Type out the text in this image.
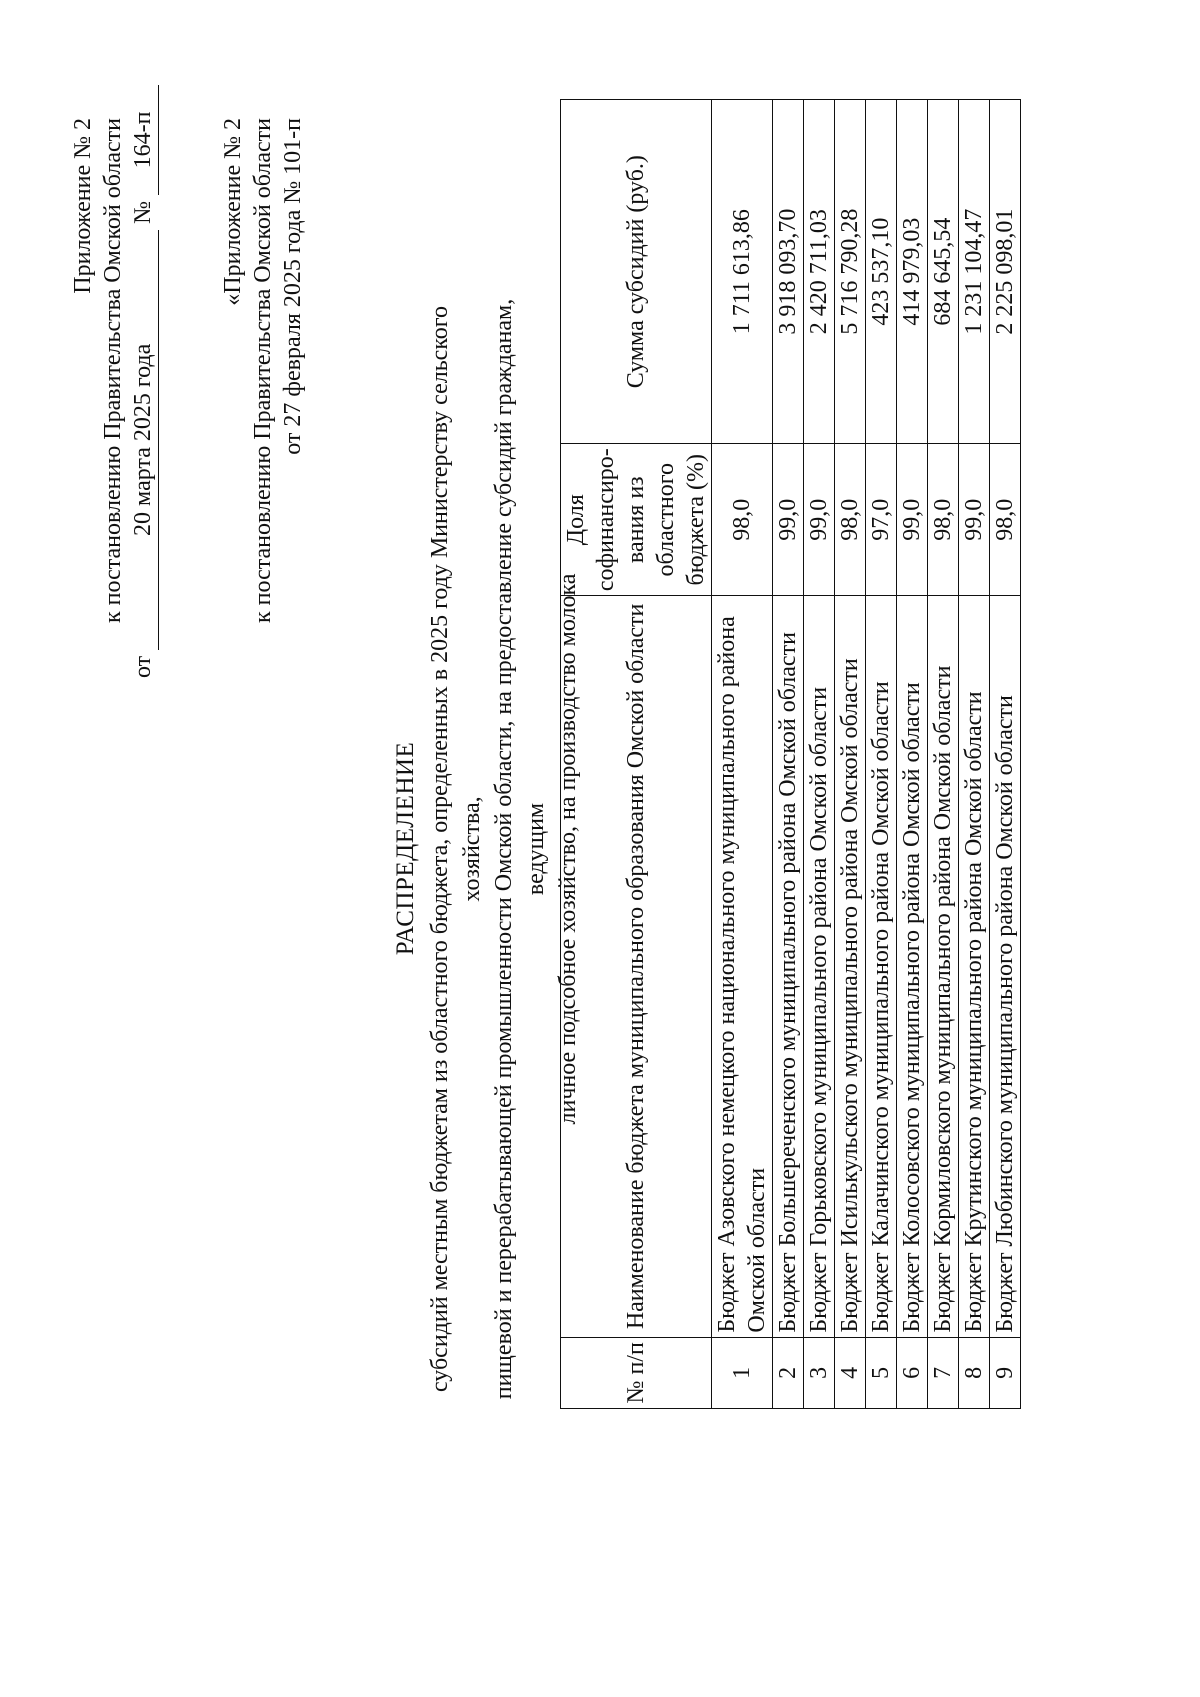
Приложение № 2 к постановлению Правительства Омской области
от 20 марта 2025 года № 164-п	«Приложение № 2 к постановлению Правительства Омской области от 27 февраля 2025 года № 101-п
РАСПРЕДЕЛЕНИЕ субсидий местным бюджетам из областного бюджета, определенных в 2025 году Министерству сельского хозяйства, пищевой и перерабатывающей промышленности Омской области, на предоставление субсидий гражданам, ведущим личное подсобное хозяйство, на производство молока
№ п/п	Наименование бюджета муниципального образования Омской области	Доля софинансиро-вания из областного бюджета (%)	Сумма субсидий (руб.)
1	Бюджет Азовского немецкого национального муниципального района Омской области	98,0	1 711 613,86
2	Бюджет Большереченского муниципального района Омской области	99,0	3 918 093,70
3	Бюджет Горьковского муниципального района Омской области	99,0	2 420 711,03
4	Бюджет Исилькульского муниципального района Омской области	98,0	5 716 790,28
5	Бюджет Калачинского муниципального района Омской области	97,0	423 537,10
6	Бюджет Колосовского муниципального района Омской области	99,0	414 979,03
7	Бюджет Кормиловского муниципального района Омской области	98,0	684 645,54
8	Бюджет Крутинского муниципального района Омской области	99,0	1 231 104,47
9	Бюджет Любинского муниципального района Омской области	98,0	2 225 098,01
